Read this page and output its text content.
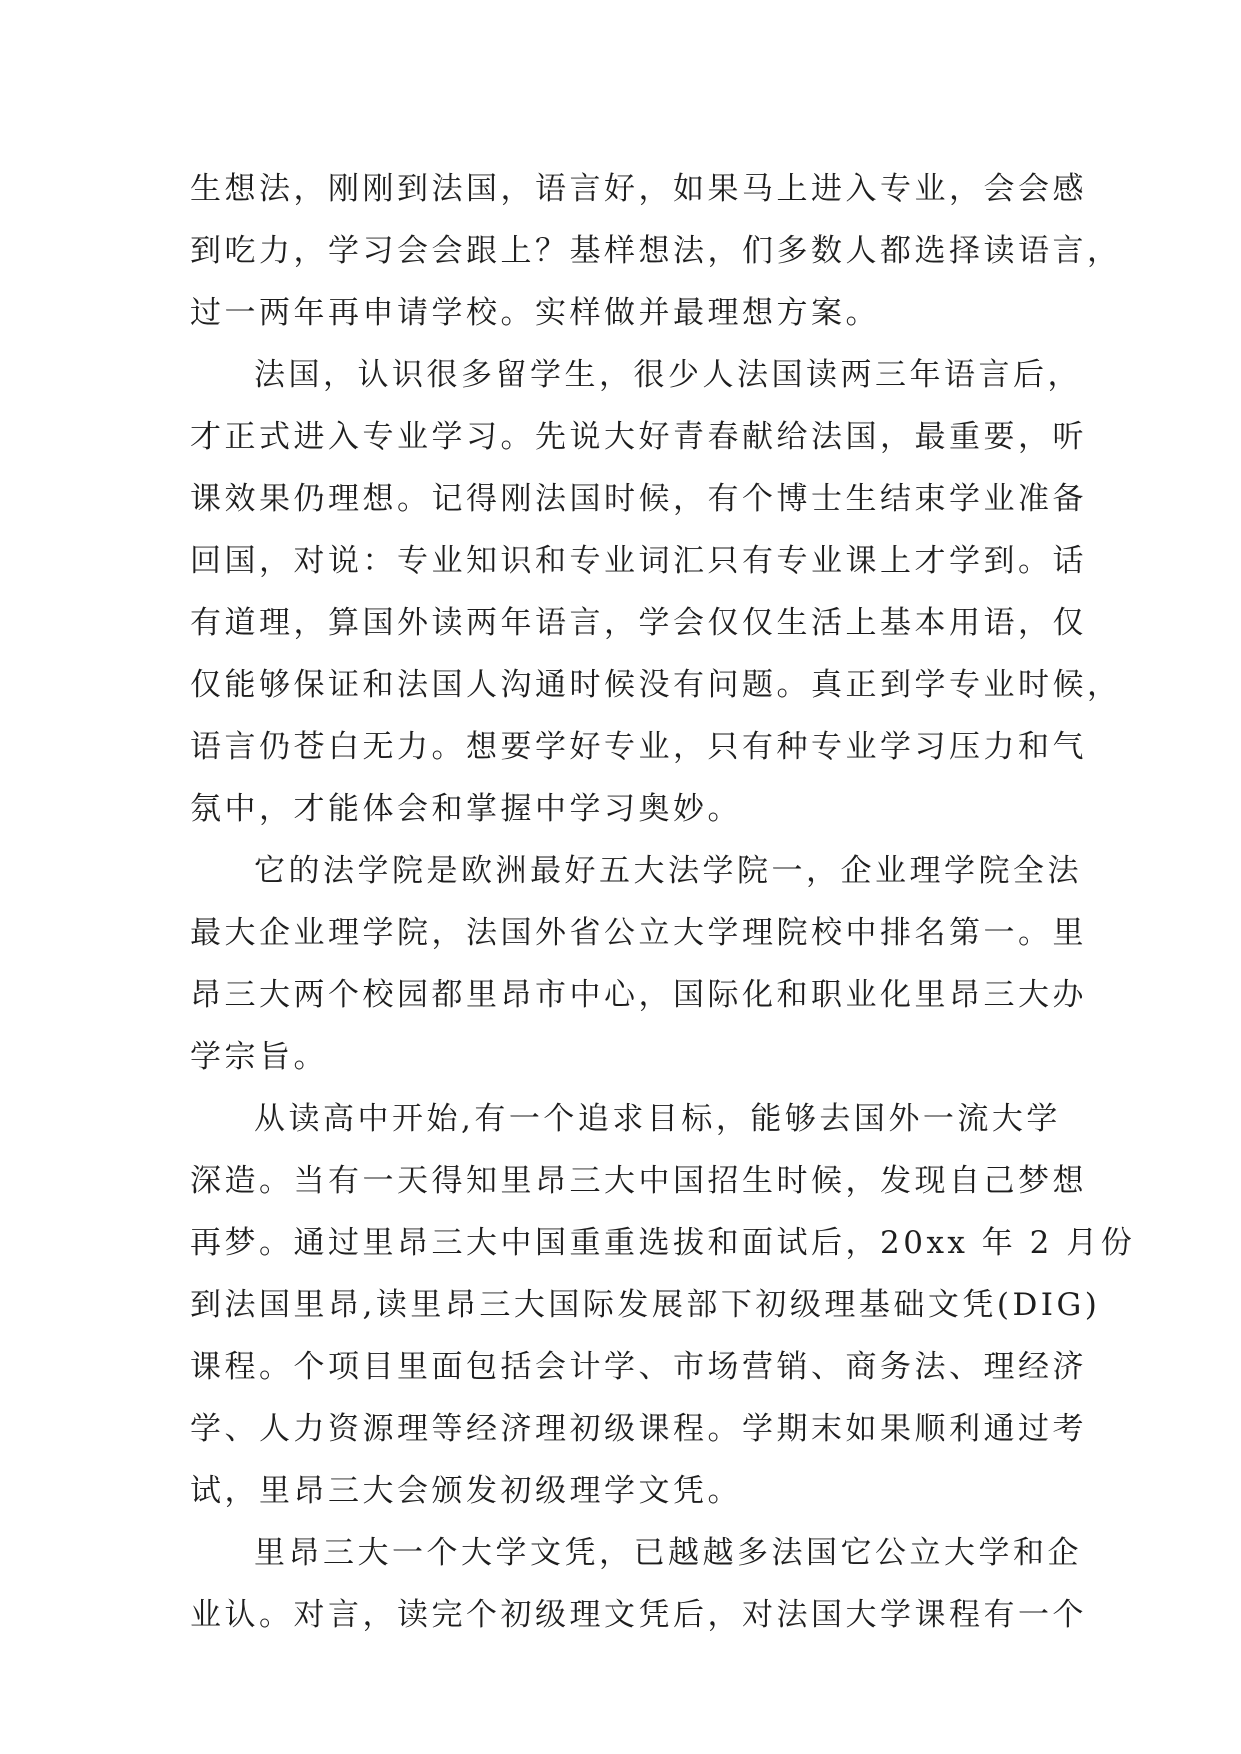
生想法，刚刚到法国，语言好，如果马上进入专业，会会感
到吃力，学习会会跟上？基样想法，们多数人都选择读语言，
过一两年再申请学校。实样做并最理想方案。

法国，认识很多留学生，很少人法国读两三年语言后，
才正式进入专业学习。先说大好青春献给法国，最重要，听
课效果仍理想。记得刚法国时候，有个博士生结束学业准备
回国，对说：专业知识和专业词汇只有专业课上才学到。话
有道理，算国外读两年语言，学会仅仅生活上基本用语，仅
仅能够保证和法国人沟通时候没有问题。真正到学专业时候，
语言仍苍白无力。想要学好专业，只有种专业学习压力和气
氛中，才能体会和掌握中学习奥妙。

它的法学院是欧洲最好五大法学院一，企业理学院全法
最大企业理学院，法国外省公立大学理院校中排名第一。里
昂三大两个校园都里昂市中心，国际化和职业化里昂三大办
学宗旨。

从读高中开始,有一个追求目标，能够去国外一流大学
深造。当有一天得知里昂三大中国招生时候，发现自己梦想
再梦。通过里昂三大中国重重选拔和面试后，20xx 年 2 月份
到法国里昂,读里昂三大国际发展部下初级理基础文凭(DIG)
课程。个项目里面包括会计学、市场营销、商务法、理经济
学、人力资源理等经济理初级课程。学期末如果顺利通过考
试，里昂三大会颁发初级理学文凭。

里昂三大一个大学文凭，已越越多法国它公立大学和企
业认。对言，读完个初级理文凭后，对法国大学课程有一个
